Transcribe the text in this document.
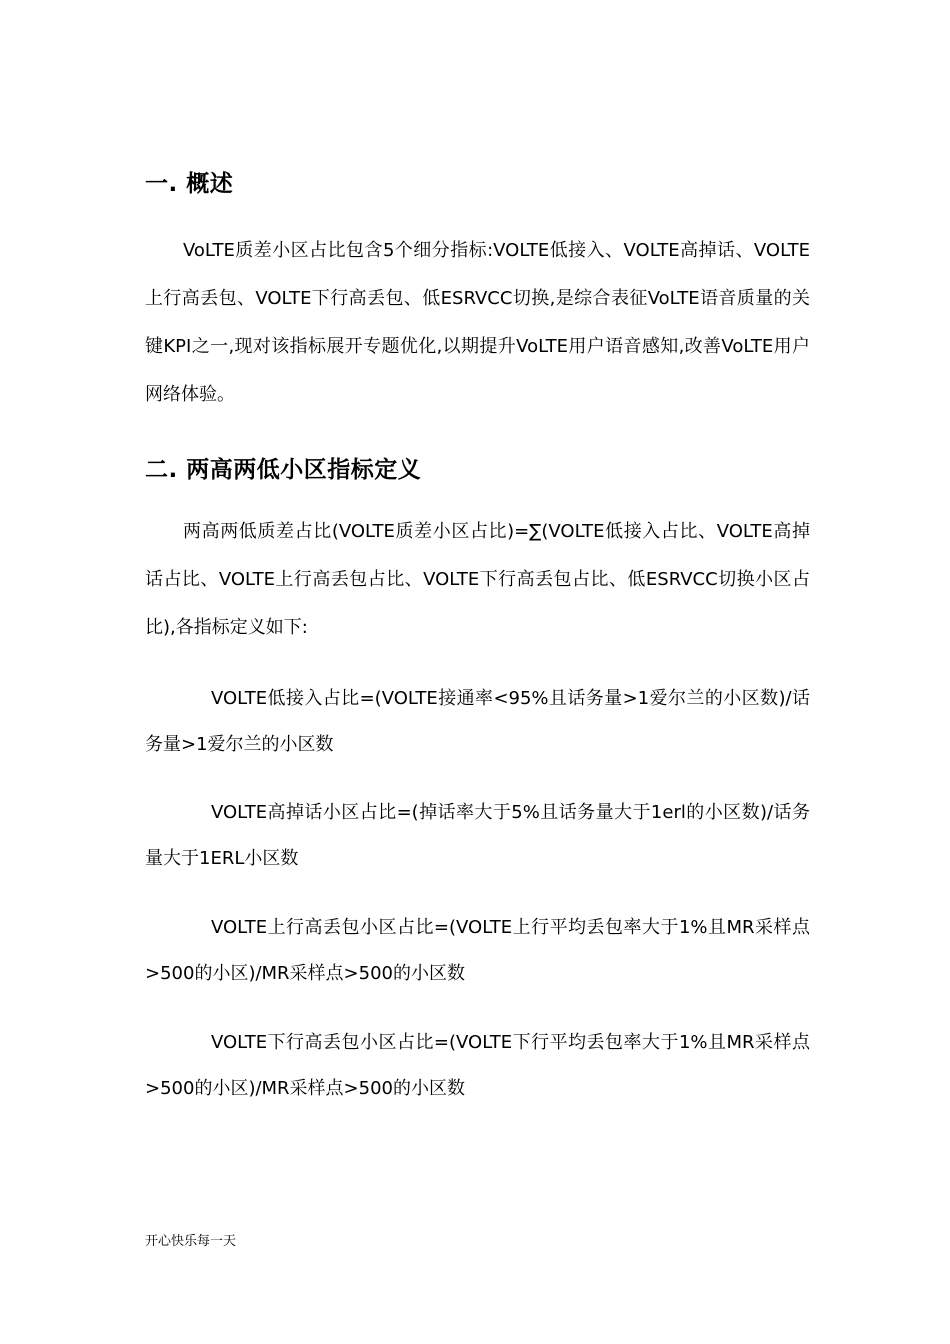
一. 概述

VoLTE质差小区占比包含5个细分指标:VOLTE低接入、VOLTE高掉话、VOLTE上行高丢包、VOLTE下行高丢包、低ESRVCC切换,是综合表征VoLTE语音质量的关键KPI之一,现对该指标展开专题优化,以期提升VoLTE用户语音感知,改善VoLTE用户网络体验。

二. 两高两低小区指标定义

两高两低质差占比(VOLTE质差小区占比)=∑(VOLTE低接入占比、VOLTE高掉话占比、VOLTE上行高丢包占比、VOLTE下行高丢包占比、低ESRVCC切换小区占比),各指标定义如下:

VOLTE低接入占比=(VOLTE接通率<95%且话务量>1爱尔兰的小区数)/话务量>1爱尔兰的小区数

VOLTE高掉话小区占比=(掉话率大于5%且话务量大于1erl的小区数)/话务量大于1ERL小区数

VOLTE上行高丢包小区占比=(VOLTE上行平均丢包率大于1%且MR采样点>500的小区)/MR采样点>500的小区数

VOLTE下行高丢包小区占比=(VOLTE下行平均丢包率大于1%且MR采样点>500的小区)/MR采样点>500的小区数

开心快乐每一天
